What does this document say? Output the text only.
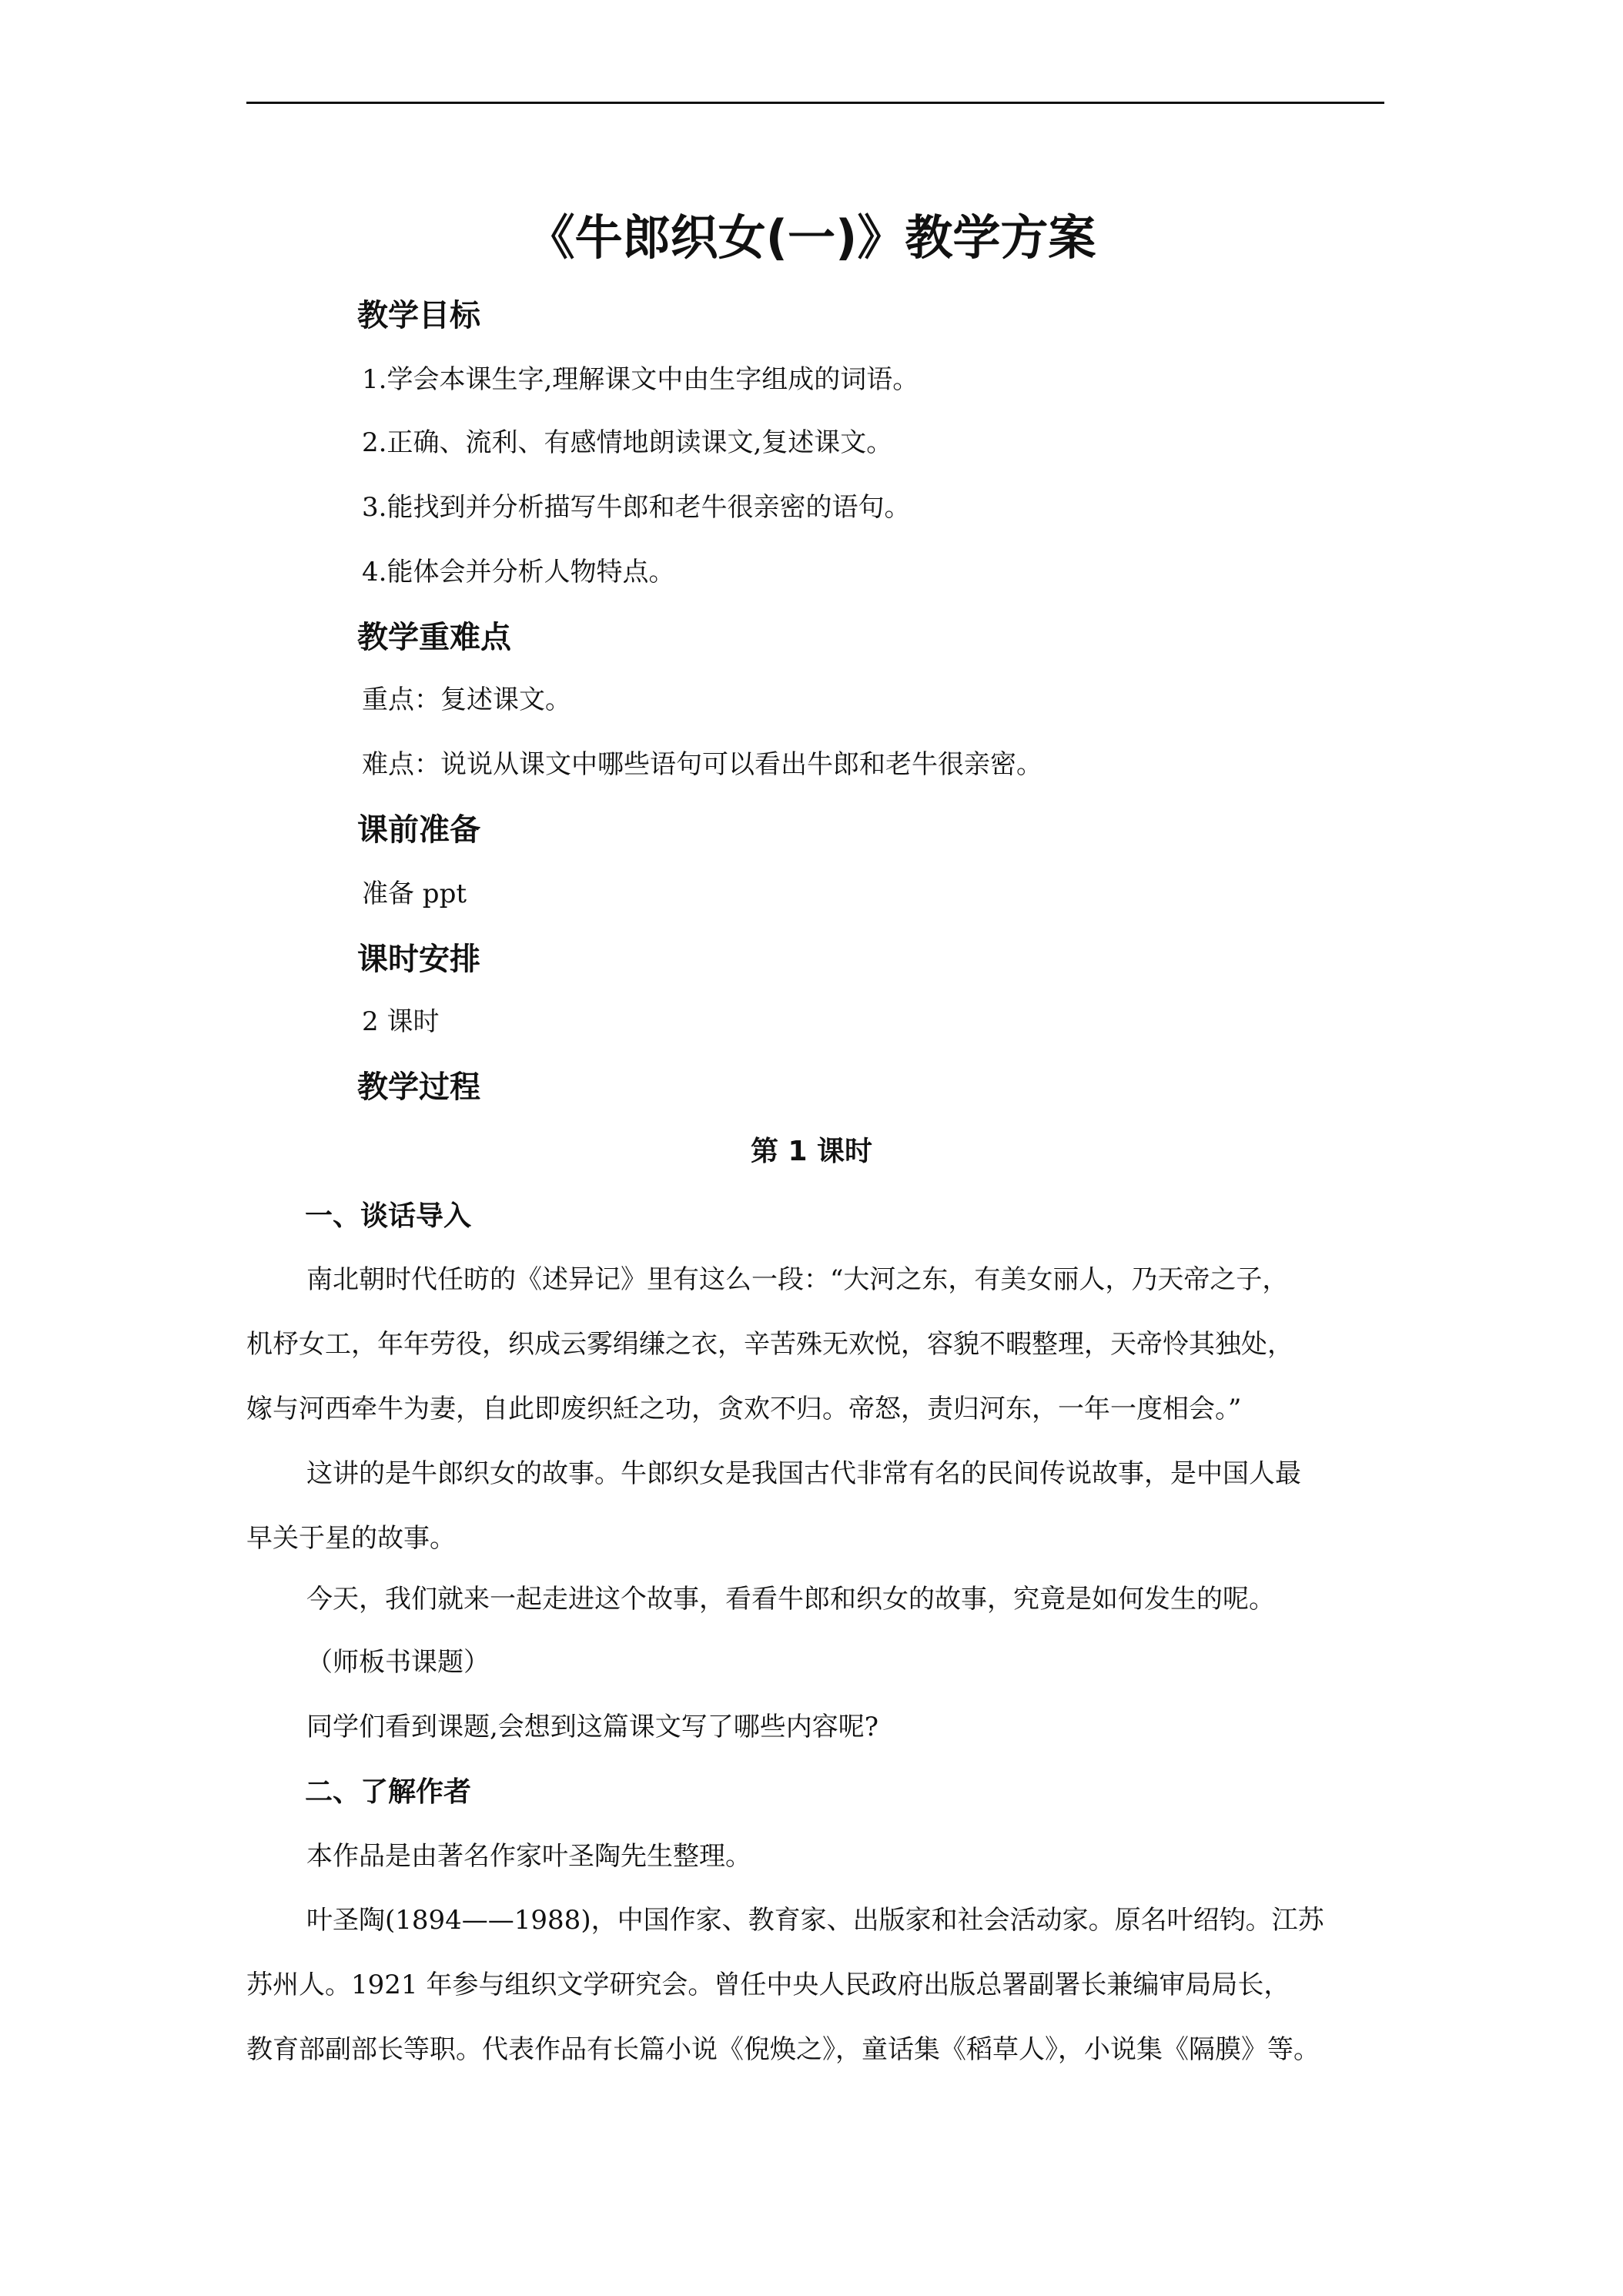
《牛郎织女(一)》教学方案
教学目标
1.学会本课生字,理解课文中由生字组成的词语。
2.正确、流利、有感情地朗读课文,复述课文。
3.能找到并分析描写牛郎和老牛很亲密的语句。
4.能体会并分析人物特点。
教学重难点
重点：复述课文。
难点：说说从课文中哪些语句可以看出牛郎和老牛很亲密。
课前准备
准备 ppt
课时安排
2 课时
教学过程
第 1 课时
一、谈话导入
南北朝时代任昉的《述异记》里有这么一段：“大河之东，有美女丽人，乃天帝之子，
机杼女工，年年劳役，织成云雾绢缣之衣，辛苦殊无欢悦，容貌不暇整理，天帝怜其独处，
嫁与河西牵牛为妻，自此即废织紝之功，贪欢不归。帝怒，责归河东，一年一度相会。”
这讲的是牛郎织女的故事。牛郎织女是我国古代非常有名的民间传说故事，是中国人最
早关于星的故事。
今天，我们就来一起走进这个故事，看看牛郎和织女的故事，究竟是如何发生的呢。
（师板书课题）
同学们看到课题,会想到这篇课文写了哪些内容呢?
二、了解作者
本作品是由著名作家叶圣陶先生整理。
叶圣陶(1894——1988)，中国作家、教育家、出版家和社会活动家。原名叶绍钧。江苏
苏州人。1921 年参与组织文学研究会。曾任中央人民政府出版总署副署长兼编审局局长，
教育部副部长等职。代表作品有长篇小说《倪焕之》，童话集《稻草人》，小说集《隔膜》等。
